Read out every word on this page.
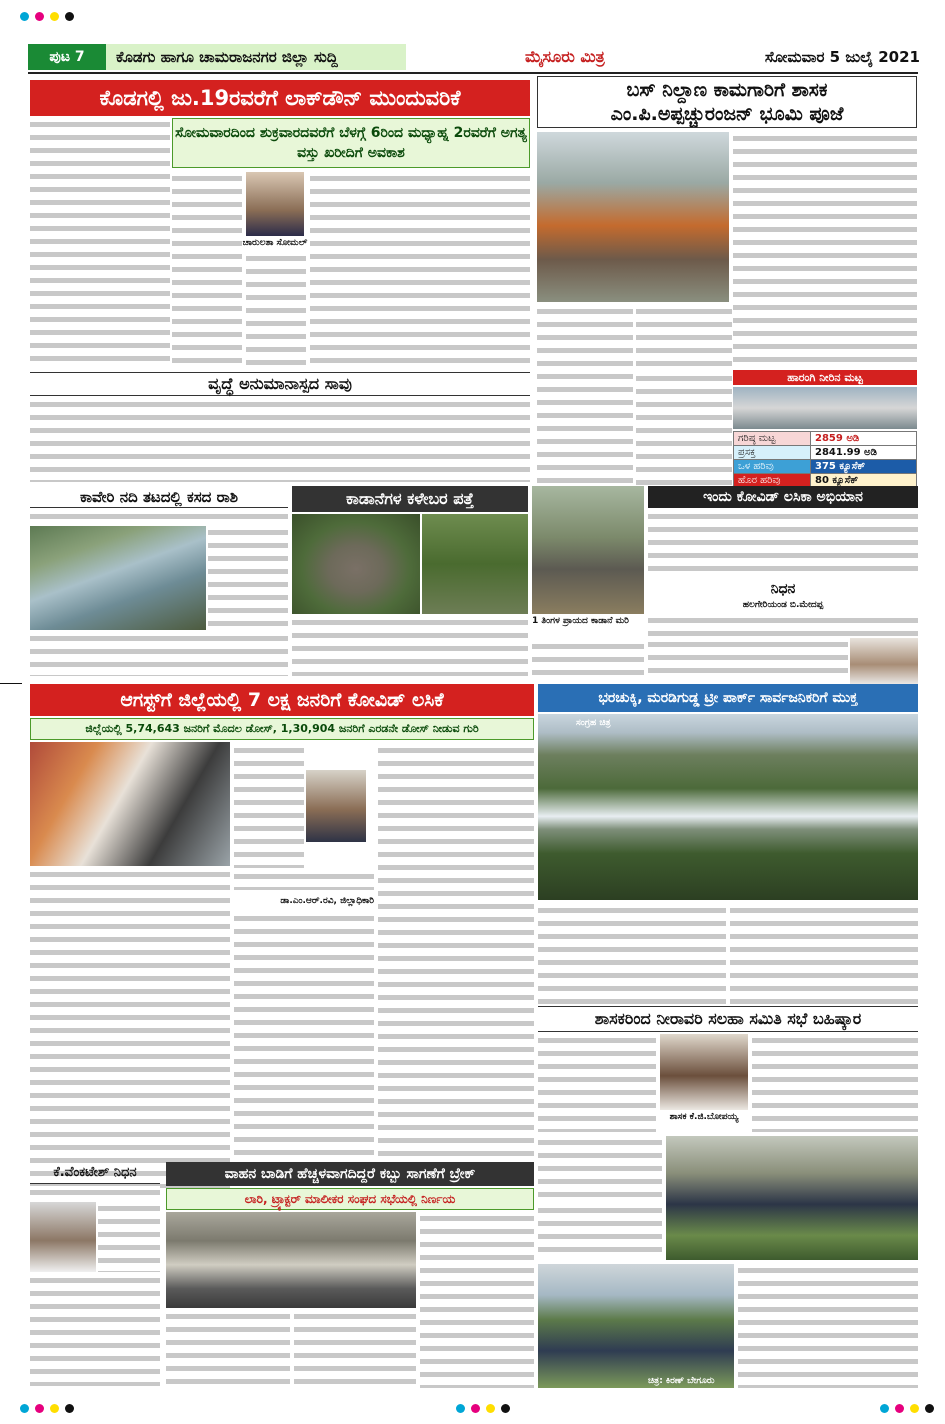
ಪುಟ 7	ಕೊಡಗು ಹಾಗೂ ಚಾಮರಾಜನಗರ ಜಿಲ್ಲಾ ಸುದ್ದಿ	ಮೈಸೂರು ಮಿತ್ರ	ಸೋಮವಾರ 5 ಜುಲೈ 2021
ಕೊಡಗಲ್ಲಿ ಜು.19ರವರೆಗೆ ಲಾಕ್‌ಡೌನ್ ಮುಂದುವರಿಕೆ
ಸೋಮವಾರದಿಂದ ಶುಕ್ರವಾರದವರೆಗೆ ಬೆಳಗ್ಗೆ 6ರಿಂದ ಮಧ್ಯಾಹ್ನ 2ರವರೆಗೆ ಅಗತ್ಯ ವಸ್ತು ಖರೀದಿಗೆ ಅವಕಾಶ
ಚಾರುಲತಾ ಸೋಮಲ್
ಬಸ್ ನಿಲ್ದಾಣ ಕಾಮಗಾರಿಗೆ ಶಾಸಕ
ಎಂ.ಪಿ.ಅಪ್ಪಚ್ಚುರಂಜನ್ ಭೂಮಿ ಪೂಜೆ
ಹಾರಂಗಿ ನೀರಿನ ಮಟ್ಟ
ಗರಿಷ್ಠ ಮಟ್ಟ	2859 ಅಡಿ
ಪ್ರಸಕ್ತ	2841.99 ಅಡಿ
ಒಳ ಹರಿವು	375 ಕ್ಯೂಸೆಕ್
ಹೊರ ಹರಿವು	80 ಕ್ಯೂಸೆಕ್
ವೃದ್ಧೆ ಅನುಮಾನಾಸ್ಪದ ಸಾವು
ಕಾವೇರಿ ನದಿ ತಟದಲ್ಲಿ ಕಸದ ರಾಶಿ	ಕಾಡಾನೆಗಳ ಕಳೇಬರ ಪತ್ತೆ
1 ತಿಂಗಳ ಪ್ರಾಯದ ಕಾಡಾನೆ ಮರಿ
ಇಂದು ಕೋವಿಡ್ ಲಸಿಕಾ ಅಭಿಯಾನ
ನಿಧನ
ಹಲಗೇರಿಯಂಡ ಬಿ.ಮೇದಪ್ಪ
ಆಗಸ್ಟ್‌ಗೆ ಜಿಲ್ಲೆಯಲ್ಲಿ 7 ಲಕ್ಷ ಜನರಿಗೆ ಕೋವಿಡ್ ಲಸಿಕೆ
ಜಿಲ್ಲೆಯಲ್ಲಿ 5,74,643 ಜನರಿಗೆ ಮೊದಲ ಡೋಸ್, 1,30,904 ಜನರಿಗೆ ಎರಡನೇ ಡೋಸ್ ನೀಡುವ ಗುರಿ
ಡಾ.ಎಂ.ಆರ್.ರವಿ, ಜಿಲ್ಲಾಧಿಕಾರಿ
ಭರಚುಕ್ಕಿ, ಮರಡಿಗುಡ್ಡ ಟ್ರೀ ಪಾರ್ಕ್ ಸಾರ್ವಜನಿಕರಿಗೆ ಮುಕ್ತ
ಸಂಗ್ರಹ ಚಿತ್ರ
ಶಾಸಕರಿಂದ ನೀರಾವರಿ ಸಲಹಾ ಸಮಿತಿ ಸಭೆ ಬಹಿಷ್ಕಾರ
ಶಾಸಕ ಕೆ.ಜಿ.ಬೋಪಯ್ಯ
ಚಿತ್ರ: ಕಿರಣ್ ಬೇಗೂರು
ಕೆ.ವೆಂಕಟೇಶ್ ನಿಧನ	ವಾಹನ ಬಾಡಿಗೆ ಹೆಚ್ಚಳವಾಗದಿದ್ದರೆ ಕಬ್ಬು ಸಾಗಣೆಗೆ ಬ್ರೇಕ್
ಲಾರಿ, ಟ್ರ್ಯಾಕ್ಟರ್ ಮಾಲೀಕರ ಸಂಘದ ಸಭೆಯಲ್ಲಿ ನಿರ್ಣಯ
